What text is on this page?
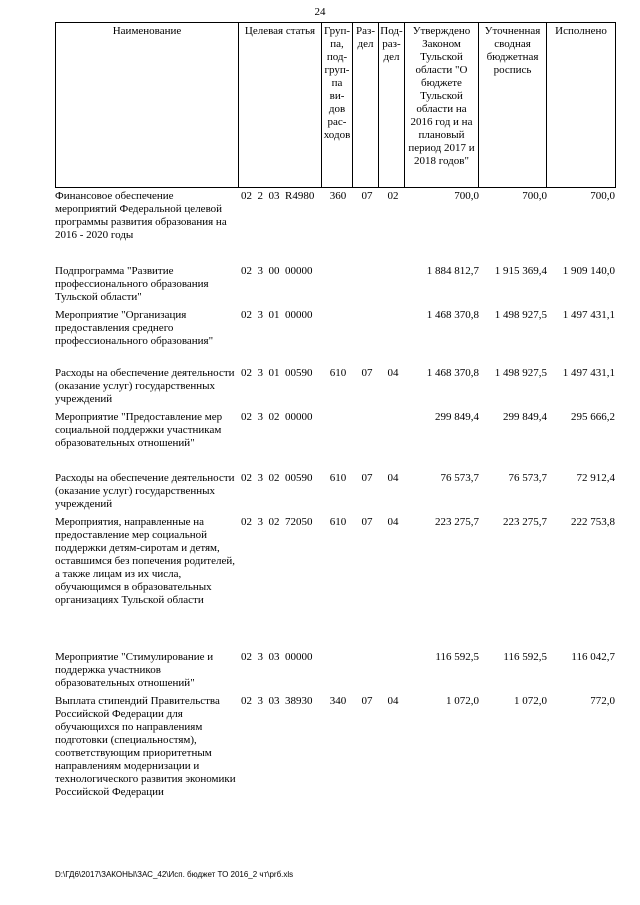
24
Наименование	Целевая статья	Груп-
па,
под-
груп-
па ви-
дов
рас-
ходов	Раз-
дел	Под-
раз-
дел	Утверждено
Законом
Тульской
области "О
бюджете
Тульской
области на
2016 год и на
плановый
период 2017 и
2018 годов"	Уточненная
сводная
бюджетная
роспись	Исполнено
Финансовое обеспечение мероприятий Федеральной целевой программы развития образования на 2016 - 2020 годы
02  2  03  R4980	360	07	02	700,0	700,0	700,0
Подпрограмма "Развитие профессионального образования Тульской области"
02  3  00  00000	1 884 812,7	1 915 369,4	1 909 140,0
Мероприятие "Организация предоставления среднего профессионального образования"
02  3  01  00000	1 468 370,8	1 498 927,5	1 497 431,1
Расходы на обеспечение деятельности (оказание услуг) государственных учреждений
02  3  01  00590	610	07	04	1 468 370,8	1 498 927,5	1 497 431,1
Мероприятие "Предоставление мер социальной поддержки участникам образовательных отношений"
02  3  02  00000	299 849,4	299 849,4	295 666,2
Расходы на обеспечение деятельности (оказание услуг) государственных учреждений
02  3  02  00590	610	07	04	76 573,7	76 573,7	72 912,4
Мероприятия, направленные на предоставление мер социальной поддержки детям-сиротам и детям, оставшимся без попечения родителей, а также лицам из их числа, обучающимся в образовательных организациях Тульской области
02  3  02  72050	610	07	04	223 275,7	223 275,7	222 753,8
Мероприятие "Стимулирование и поддержка участников образовательных отношений"
02  3  03  00000	116 592,5	116 592,5	116 042,7
Выплата стипендий Правительства Российской Федерации для обучающихся по направлениям подготовки (специальностям), соответствующим приоритетным направлениям модернизации и технологического развития экономики Российской Федерации
02  3  03  38930	340	07	04	1 072,0	1 072,0	772,0
D:\ГД6\2017\ЗАКОНЫ\ЗАС_42\Исп. бюджет ТО 2016_2 чт\рrб.xls
